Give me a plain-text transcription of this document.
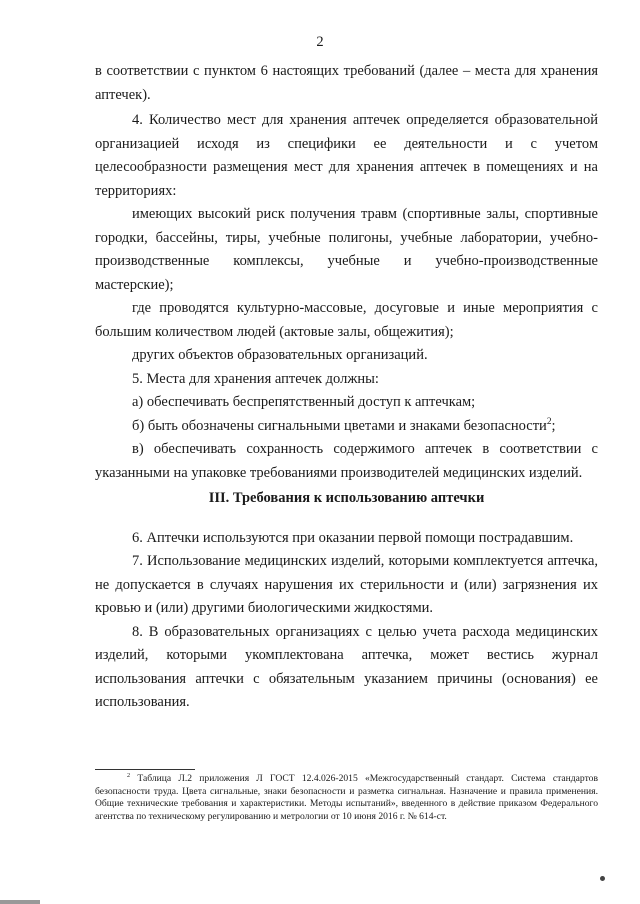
2

в соответствии с пунктом 6 настоящих требований (далее – места для хранения аптечек).

4. Количество мест для хранения аптечек определяется образовательной организацией исходя из специфики ее деятельности и с учетом целесообразности размещения мест для хранения аптечек в помещениях и на территориях:

имеющих высокий риск получения травм (спортивные залы, спортивные городки, бассейны, тиры, учебные полигоны, учебные лаборатории, учебно-производственные комплексы, учебные и учебно-производственные мастерские);

где проводятся культурно-массовые, досуговые и иные мероприятия с большим количеством людей (актовые залы, общежития);

других объектов образовательных организаций.

5. Места для хранения аптечек должны:

а) обеспечивать беспрепятственный доступ к аптечкам;

б) быть обозначены сигнальными цветами и знаками безопасности$^2$;

в) обеспечивать сохранность содержимого аптечек в соответствии с указанными на упаковке требованиями производителей медицинских изделий.

III. Требования к использованию аптечки

6. Аптечки используются при оказании первой помощи пострадавшим.

7. Использование медицинских изделий, которыми комплектуется аптечка, не допускается в случаях нарушения их стерильности и (или) загрязнения их кровью и (или) другими биологическими жидкостями.

8. В образовательных организациях с целью учета расхода медицинских изделий, которыми укомплектована аптечка, может вестись журнал использования аптечки с обязательным указанием причины (основания) ее использования.

$^2$ Таблица Л.2 приложения Л ГОСТ 12.4.026-2015 «Межгосударственный стандарт. Система стандартов безопасности труда. Цвета сигнальные, знаки безопасности и разметка сигнальная. Назначение и правила применения. Общие технические требования и характеристики. Методы испытаний», введенного в действие приказом Федерального агентства по техническому регулированию и метрологии от 10 июня 2016 г. № 614-ст.
